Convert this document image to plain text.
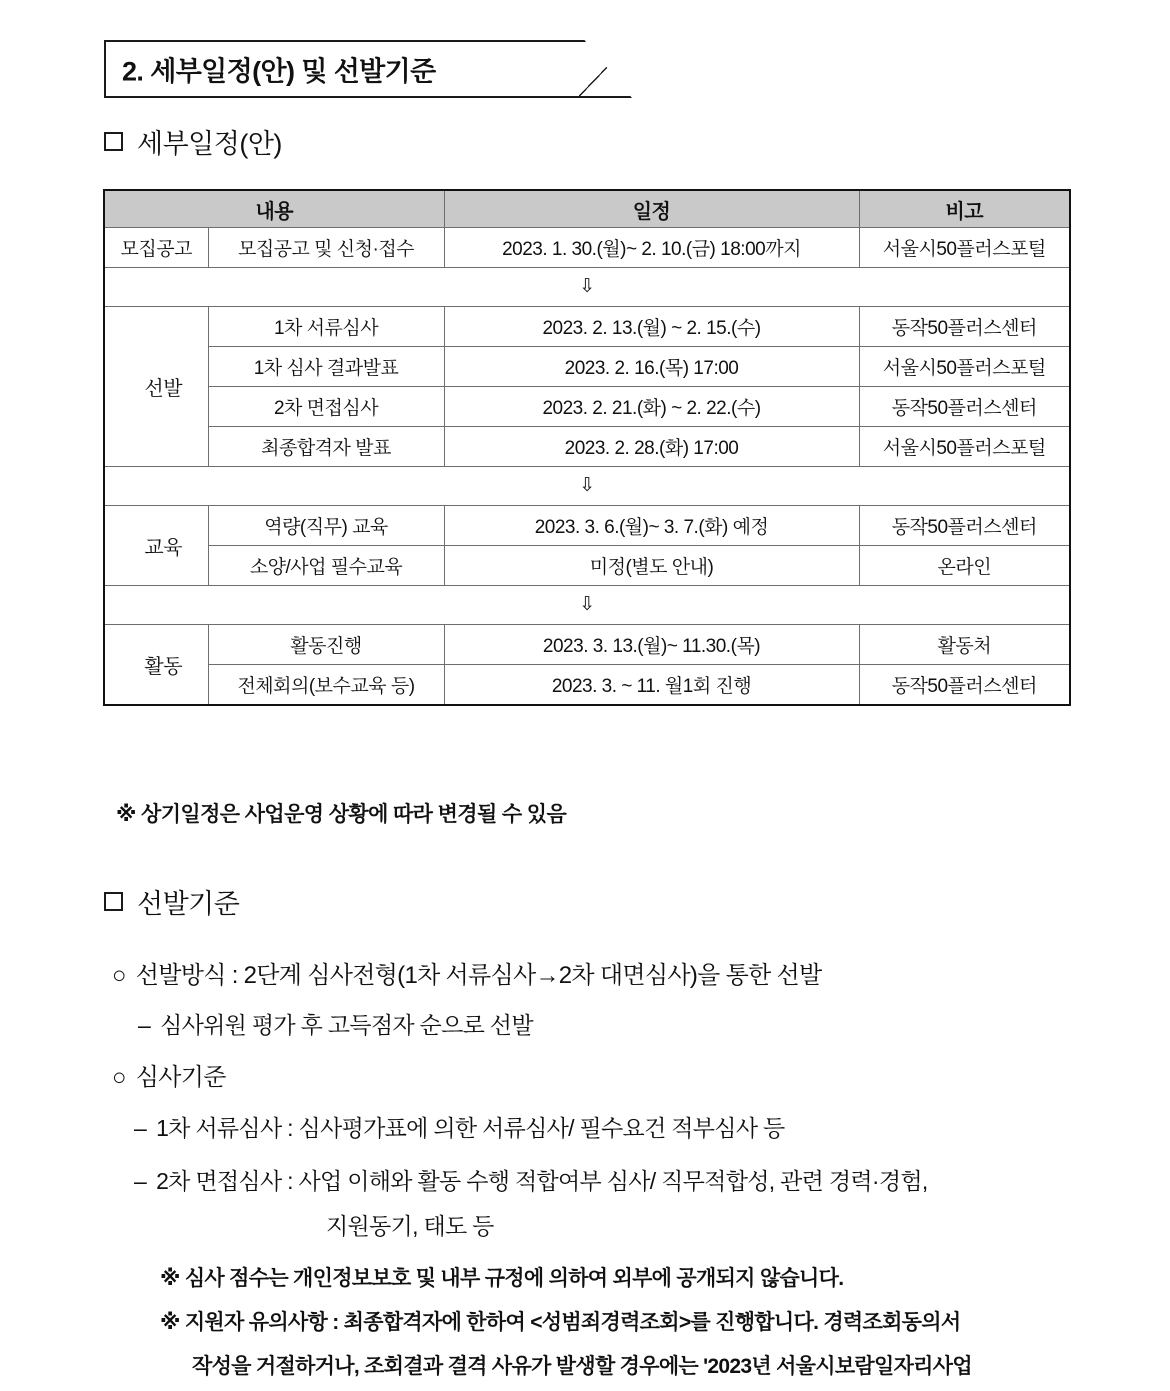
2. 세부일정(안) 및 선발기준
세부일정(안)
내용		일정	비고
모집공고	모집공고 및 신청·접수	2023. 1. 30.(월)~ 2. 10.(금) 18:00까지	서울시50플러스포털
⇩			
선발	1차 서류심사	2023. 2. 13.(월) ~ 2. 15.(수)	동작50플러스센터
	1차 심사 결과발표	2023. 2. 16.(목) 17:00	서울시50플러스포털
	2차 면접심사	2023. 2. 21.(화) ~ 2. 22.(수)	동작50플러스센터
	최종합격자 발표	2023. 2. 28.(화) 17:00	서울시50플러스포털
⇩			
교육	역량(직무) 교육	2023. 3. 6.(월)~ 3. 7.(화) 예정	동작50플러스센터
	소양/사업 필수교육	미정(별도 안내)	온라인
⇩			
활동	활동진행	2023. 3. 13.(월)~ 11.30.(목)	활동처
	전체회의(보수교육 등)	2023. 3. ~ 11. 월1회 진행	동작50플러스센터
※ 상기일정은 사업운영 상황에 따라 변경될 수 있음
선발기준
○ 선발방식 : 2단계 심사전형(1차 서류심사→2차 대면심사)을 통한 선발
– 심사위원 평가 후 고득점자 순으로 선발
○ 심사기준
– 1차 서류심사 : 심사평가표에 의한 서류심사/ 필수요건 적부심사 등
– 2차 면접심사 : 사업 이해와 활동 수행 적합여부 심사/ 직무적합성, 관련 경력·경험,
지원동기, 태도 등
※ 심사 점수는 개인정보보호 및 내부 규정에 의하여 외부에 공개되지 않습니다.
※ 지원자 유의사항 : 최종합격자에 한하여 <성범죄경력조회>를 진행합니다. 경력조회동의서
작성을 거절하거나, 조회결과 결격 사유가 발생할 경우에는 '2023년 서울시보람일자리사업
